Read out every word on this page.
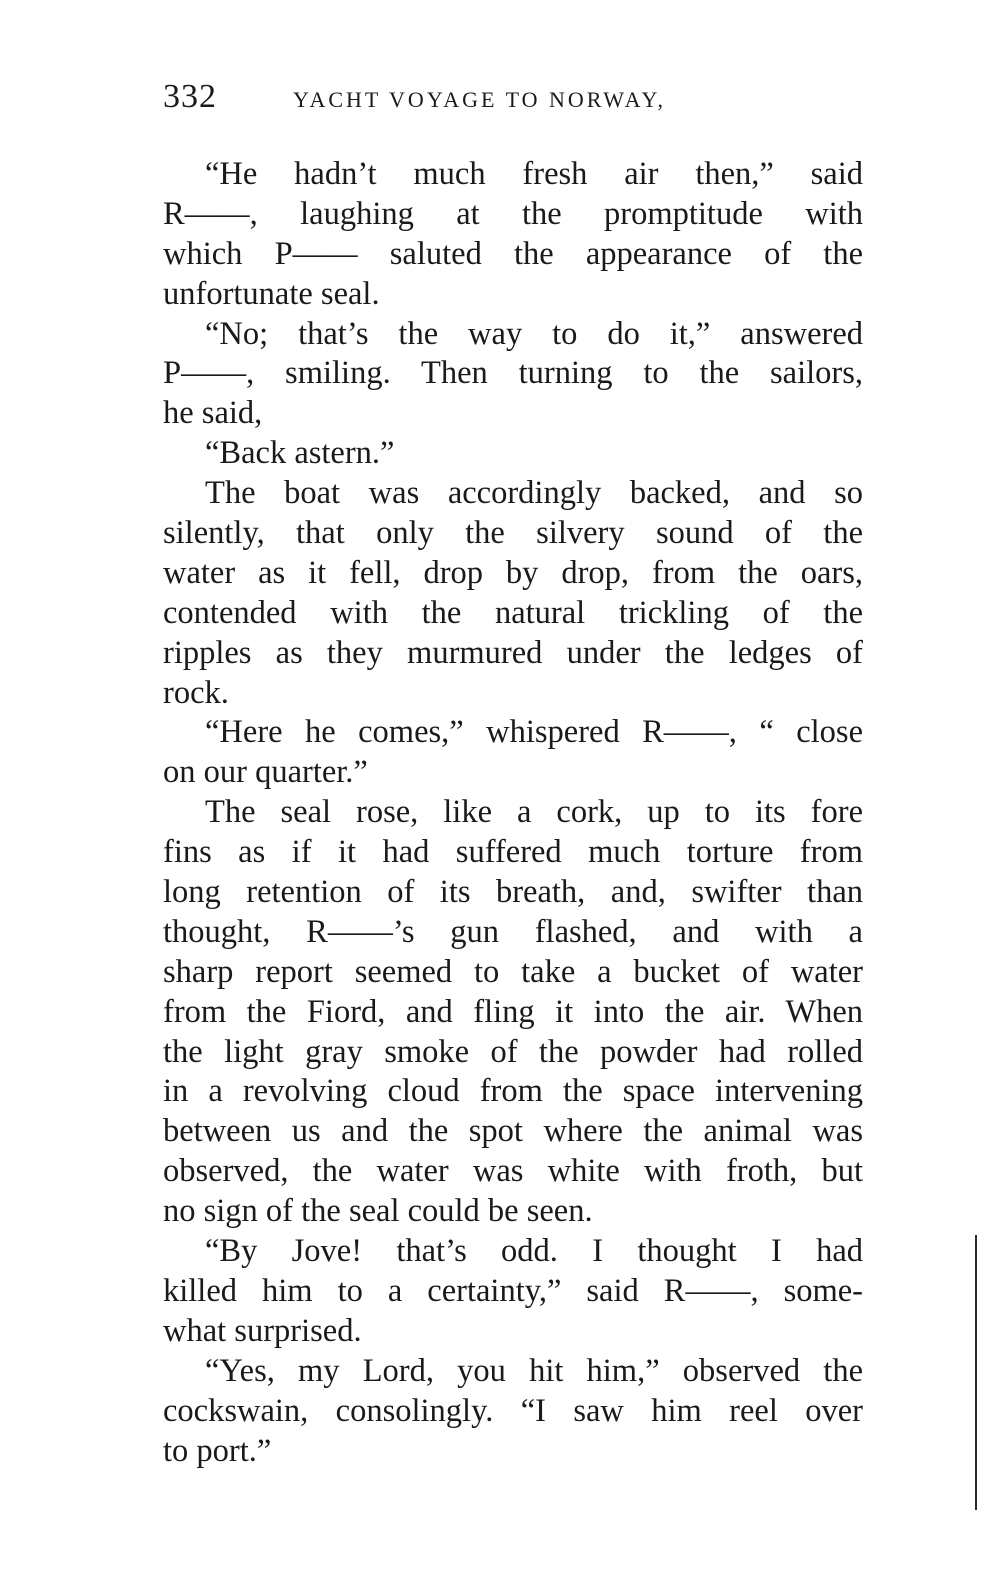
332	YACHT VOYAGE TO NORWAY,
“He hadn’t much fresh air then,” said
R——, laughing at the promptitude with
which P—— saluted the appearance of the
unfortunate seal.
“No; that’s the way to do it,” answered
P——, smiling. Then turning to the sailors,
he said,
“Back astern.”
The boat was accordingly backed, and so
silently, that only the silvery sound of the
water as it fell, drop by drop, from the oars,
contended with the natural trickling of the
ripples as they murmured under the ledges of
rock.
“Here he comes,” whispered R——, “ close
on our quarter.”
The seal rose, like a cork, up to its fore
fins as if it had suffered much torture from
long retention of its breath, and, swifter than
thought, R——’s gun flashed, and with a
sharp report seemed to take a bucket of water
from the Fiord, and fling it into the air. When
the light gray smoke of the powder had rolled
in a revolving cloud from the space intervening
between us and the spot where the animal was
observed, the water was white with froth, but
no sign of the seal could be seen.
“By Jove! that’s odd. I thought I had
killed him to a certainty,” said R——, some-
what surprised.
“Yes, my Lord, you hit him,” observed the
cockswain, consolingly. “I saw him reel over
to port.”
